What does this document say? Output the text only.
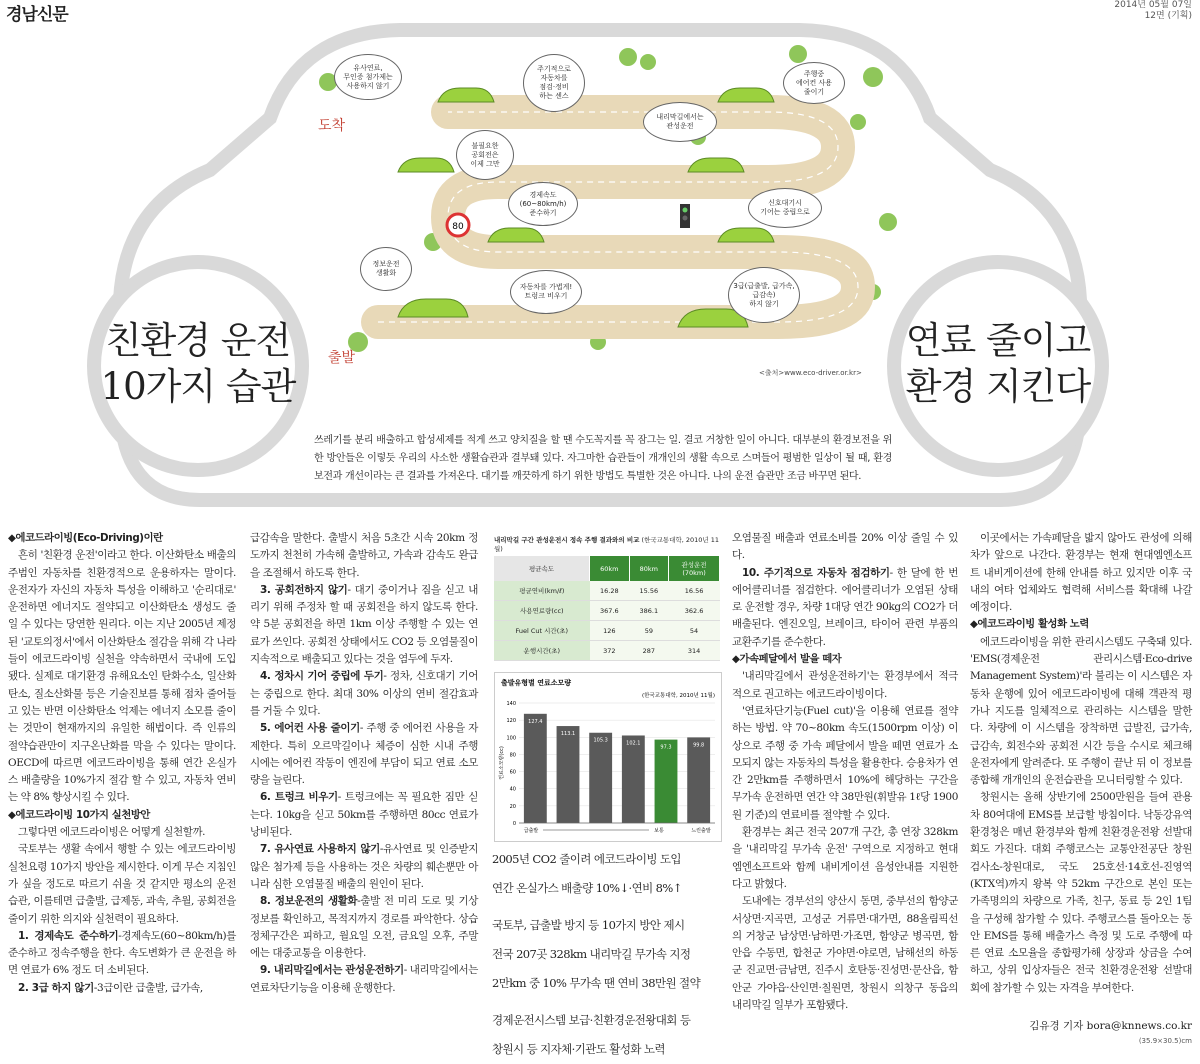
경남신문	2014년 05월 07일
12면 (기획)
친환경 운전
10가지 습관
연료 줄이고
환경 지킨다
80
도착
출발
유사연료,
무인증 첨가제는
사용하지 않기
주기적으로
자동차를
점검·정비
하는 센스
주행중
에어컨 사용
줄이기
내리막길에서는
관성운전
불필요한
공회전은
이제 그만
경제속도
(60~80km/h)
준수하기
신호대기시
기어는 중립으로
정보운전
생활화
자동차를 가볍게!
트렁크 비우기
3급(급출발, 급가속,
급감속)
하지 않기
<출처>www.eco-driver.or.kr>
쓰레기를 분리 배출하고 합성세제를 적게 쓰고 양치질을 할 땐 수도꼭지를 꼭 잠그는 일. 결코 거창한 일이 아니다. 대부분의 환경보전을 위한 방안들은 이렇듯 우리의 사소한 생활습관과 결부돼 있다. 자그마한 습관들이 개개인의 생활 속으로 스며들어 평범한 일상이 될 때, 환경보전과 개선이라는 큰 결과를 가져온다. 대기를 깨끗하게 하기 위한 방법도 특별한 것은 아니다. 나의 운전 습관만 조금 바꾸면 된다.

◆에코드라이빙(Eco-Driving)이란

흔히 '친환경 운전'이라고 한다. 이산화탄소 배출의 주범인 자동차를 친환경적으로 운용하자는 말이다. 운전자가 자신의 자동차 특성을 이해하고 '순리대로' 운전하면 에너지도 절약되고 이산화탄소 생성도 줄일 수 있다는 당연한 원리다. 이는 지난 2005년 제정된 '교토의정서'에서 이산화탄소 절감을 위해 각 나라들이 에코드라이빙 실천을 약속하면서 국내에 도입됐다. 실제로 대기환경 유해요소인 탄화수소, 일산화탄소, 질소산화물 등은 기술진보를 통해 점차 줄어들고 있는 반면 이산화탄소 억제는 에너지 소모를 줄이는 것만이 현재까지의 유일한 해법이다. 즉 인류의 절약습관만이 지구온난화를 막을 수 있다는 말이다. OECD에 따르면 에코드라이빙을 통해 연간 온실가스 배출량을 10%가지 절감 할 수 있고, 자동차 연비는 약 8% 향상시킬 수 있다.

◆에코드라이빙 10가지 실천방안

그렇다면 에코드라이빙은 어떻게 실천할까.

국토부는 생활 속에서 행할 수 있는 에코드라이빙 실천요령 10가지 방안을 제시한다. 이게 무슨 지침인가 싶을 정도로 따르기 쉬울 것 같지만 평소의 운전습관, 이를테면 급출발, 급제동, 과속, 추월, 공회전을 줄이기 위한 의지와 실천력이 필요하다.

1. 경제속도 준수하기-경제속도(60~80km/h)를 준수하고 정속주행을 한다. 속도변화가 큰 운전을 하면 연료가 6% 정도 더 소비된다.

2. 3급 하지 않기-3급이란 급출발, 급가속,

급감속을 말한다. 출발시 처음 5초간 시속 20km 정도까지 천천히 가속해 출발하고, 가속과 감속도 완급을 조절해서 하도록 한다.

3. 공회전하지 않기- 대기 중이거나 짐을 싣고 내리기 위해 주정차 할 때 공회전을 하지 않도록 한다. 약 5분 공회전을 하면 1km 이상 주행할 수 있는 연료가 쓰인다. 공회전 상태에서도 CO2 등 오염물질이 지속적으로 배출되고 있다는 것을 염두에 두자.

4. 정차시 기어 중립에 두기- 정차, 신호대기 기어는 중립으로 한다. 최대 30% 이상의 연비 절감효과를 거둘 수 있다.

5. 에어컨 사용 줄이기- 주행 중 에어컨 사용을 자제한다. 특히 오르막길이나 체증이 심한 시내 주행 시에는 에어컨 작동이 엔진에 부담이 되고 연료 소모량을 늘린다.

6. 트렁크 비우기- 트렁크에는 꼭 필요한 짐만 싣는다. 10kg을 싣고 50km를 주행하면 80cc 연료가 낭비된다.

7. 유사연료 사용하지 않기-유사연료 및 인증받지 않은 첨가제 등을 사용하는 것은 차량의 훼손뿐만 아니라 심한 오염물질 배출의 원인이 된다.

8. 정보운전의 생활화-출발 전 미리 도로 및 기상정보를 확인하고, 목적지까지 경로를 파악한다. 상습 정체구간은 피하고, 월요일 오전, 금요일 오후, 주말에는 대중교통을 이용한다.

9. 내리막길에서는 관성운전하기- 내리막길에서는 연료차단기능을 이용해 운행한다.

내리막길 구간 관성운전시 정속 주행 결과와의 비교 (한국교통대학, 2010년 11월)
평균속도	60km	80km	관성운전
(70km)
평균연비(km/ℓ)	16.28	15.56	16.56
사용연료량(cc)	367.6	386.1	362.6
Fuel Cut 시간(초)	126	59	54
운행시간(초)	372	287	314
출발유형별 연료소모량
(한국교통대학, 2010년 11월)
0
20
40
60
80
100
120
140
연료소모량(cc)
127.4
113.1
105.3	102.1
97.3	99.8
급출발	보통	느린출발
2005년 CO2 줄이려 에코드라이빙 도입
연간 온실가스 배출량 10%↓·연비 8%↑
국토부, 급출발 방지 등 10가지 방안 제시
전국 207곳 328km 내리막길 무가속 지정
2만km 중 10% 무가속 땐 연비 38만원 절약
경제운전시스템 보급·친환경운전왕대회 등
창원시 등 지자체·기관도 활성화 노력

오염물질 배출과 연료소비를 20% 이상 줄일 수 있다.

10. 주기적으로 자동차 점검하기- 한 달에 한 번 에어클리너를 점검한다. 에어클리너가 오염된 상태로 운전할 경우, 차량 1대당 연간 90kg의 CO2가 더 배출된다. 엔진오일, 브레이크, 타이어 관련 부품의 교환주기를 준수한다.

◆가속페달에서 발을 떼자

'내리막길에서 관성운전하기'는 환경부에서 적극적으로 권고하는 에코드라이빙이다.

'연료차단기능(Fuel cut)'을 이용해 연료를 절약하는 방법. 약 70~80km 속도(1500rpm 이상) 이상으로 주행 중 가속 페달에서 발을 떼면 연료가 소모되지 않는 자동차의 특성을 활용한다. 승용차가 연간 2만km를 주행하면서 10%에 해당하는 구간을 무가속 운전하면 연간 약 38만원(휘발유 1ℓ당 1900원 기준)의 연료비를 절약할 수 있다.

환경부는 최근 전국 207개 구간, 총 연장 328km을 '내리막길 무가속 운전' 구역으로 지정하고 현대엠엔소프트와 함께 내비게이션 음성안내를 지원한다고 밝혔다.

도내에는 경부선의 양산시 동면, 중부선의 함양군 서상면·지곡면, 고성군 거류면·대가면, 88올림픽선의 거창군 남상면·남하면·가조면, 함양군 병곡면, 함안읍 수동면, 합천군 가야면·야로면, 남해선의 하동군 진교면·금남면, 진주시 호탄동·진성면·문산읍, 함안군 가야읍·산인면·칠원면, 창원시 의창구 동읍의 내리막길 일부가 포함됐다.

이곳에서는 가속페달을 밟지 않아도 관성에 의해 차가 앞으로 나간다. 환경부는 현재 현대엠엔소프트 내비게이션에 한해 안내를 하고 있지만 이후 국내의 여타 업체와도 협력해 서비스를 확대해 나갈 예정이다.

◆에코드라이빙 활성화 노력

에코드라이빙을 위한 관리시스템도 구축돼 있다. 'EMS(경제운전 관리시스템·Eco-drive Management System)'라 불리는 이 시스템은 자동차 운행에 있어 에코드라이빙에 대해 객관적 평가나 지도를 일체적으로 관리하는 시스템을 말한다. 차량에 이 시스템을 장착하면 급발진, 급가속, 급감속, 회전수와 공회전 시간 등을 수시로 체크해 운전자에게 알려준다. 또 주행이 끝난 뒤 이 정보를 종합해 개개인의 운전습관을 모니터링할 수 있다.

창원시는 올해 상반기에 2500만원을 들여 관용차 80여대에 EMS를 보급할 방침이다. 낙동강유역환경청은 매년 환경부와 함께 친환경운전왕 선발대회도 가진다. 대회 주행코스는 교통안전공단 창원검사소-창원대로, 국도 25호선·14호선-진영역(KTX역)까지 왕복 약 52km 구간으로 본인 또는 가족명의의 차량으로 가족, 친구, 동료 등 2인 1팀을 구성해 참가할 수 있다. 주행코스를 돌아오는 동안 EMS를 통해 배출가스 측정 및 도로 주행에 따른 연료 소모율을 종합평가해 상장과 상금을 수여하고, 상위 입상자들은 전국 친환경운전왕 선발대회에 참가할 수 있는 자격을 부여한다.

김유경 기자 bora@knnews.co.kr
(35.9×30.5)cm
